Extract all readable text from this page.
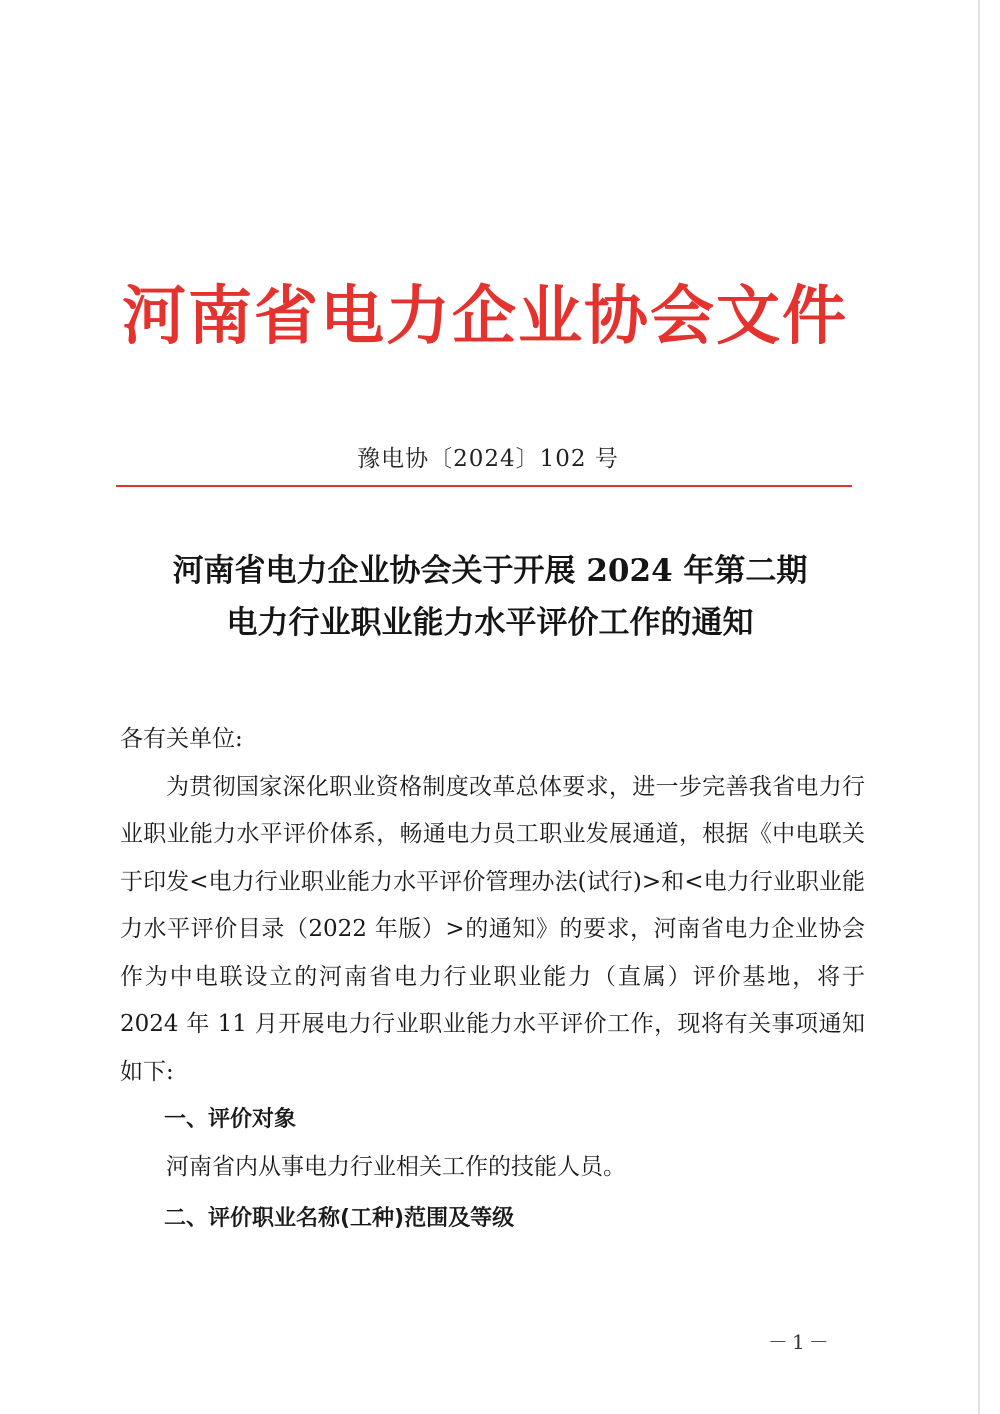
河南省电力企业协会文件
豫电协〔2024〕102 号
河南省电力企业协会关于开展 2024 年第二期
电力行业职业能力水平评价工作的通知
各有关单位:
为贯彻国家深化职业资格制度改革总体要求，进一步完善我省电力行业职业能力水平评价体系，畅通电力员工职业发展通道，根据《中电联关于印发<电力行业职业能力水平评价管理办法(试行)>和<电力行业职业能力水平评价目录（2022 年版）>的通知》的要求，河南省电力企业协会作为中电联设立的河南省电力行业职业能力（直属）评价基地，将于 2024 年 11 月开展电力行业职业能力水平评价工作，现将有关事项通知如下:
一、评价对象
河南省内从事电力行业相关工作的技能人员。
二、评价职业名称(工种)范围及等级
－1－
